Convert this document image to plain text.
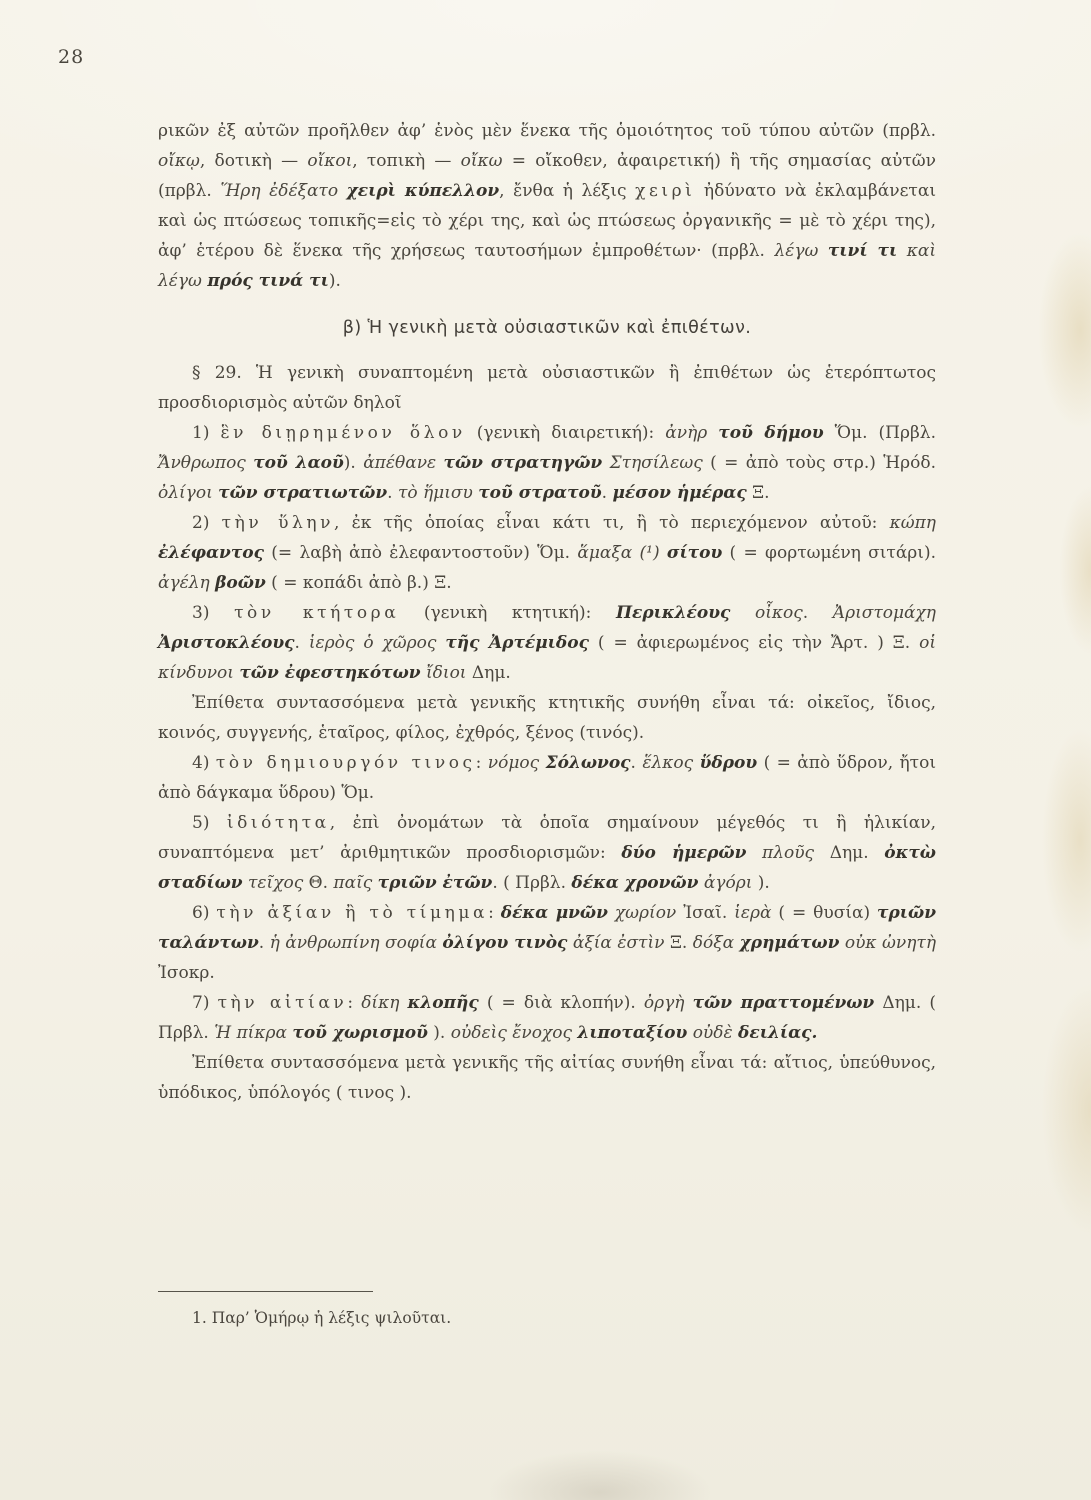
28

ρικῶν ἐξ αὐτῶν προῆλθεν ἀφ’ ἑνὸς μὲν ἕνεκα τῆς ὁμοιότητος τοῦ τύπου αὐτῶν (πρβλ. οἴκῳ, δοτικὴ — οἴκοι, τοπικὴ — οἴκω = οἴκοθεν, ἀφαιρετική) ἢ τῆς σημασίας αὐτῶν (πρβλ. Ἥρη ἐδέξατο χειρὶ κύπελλον, ἔνθα ἡ λέξις χειρὶ ἠδύνατο νὰ ἐκλαμβάνεται καὶ ὡς πτώσεως τοπικῆς=εἰς τὸ χέρι της, καὶ ὡς πτώσεως ὀργανικῆς = μὲ τὸ χέρι της), ἀφ’ ἑτέρου δὲ ἕνεκα τῆς χρήσεως ταυτοσήμων ἐμπροθέτων· (πρβλ. λέγω τινί τι καὶ λέγω πρός τινά τι).

β) Ἡ γενικὴ μετὰ οὐσιαστικῶν καὶ ἐπιθέτων.

§ 29. Ἡ γενικὴ συναπτομένη μετὰ οὐσιαστικῶν ἢ ἐπιθέτων ὡς ἑτερόπτωτος προσδιορισμὸς αὐτῶν δηλοῖ

1) ἓν διῃρημένον ὅλον (γενικὴ διαιρετική): ἀνὴρ τοῦ δήμου Ὅμ. (Πρβλ. Ἄνθρωπος τοῦ λαοῦ). ἀπέθανε τῶν στρατηγῶν Στησίλεως ( = ἀπὸ τοὺς στρ.) Ἡρόδ. ὀλίγοι τῶν στρατιωτῶν. τὸ ἥμισυ τοῦ στρατοῦ. μέσον ἡμέρας Ξ.

2) τὴν ὕλην, ἐκ τῆς ὁποίας εἶναι κάτι τι, ἢ τὸ περιεχόμενον αὐτοῦ: κώπη ἐλέφαντος (= λαβὴ ἀπὸ ἐλεφαντοστοῦν) Ὅμ. ἅμαξα (¹) σίτου ( = φορτωμένη σιτάρι). ἀγέλη βοῶν ( = κοπάδι ἀπὸ β.) Ξ.

3) τὸν κτήτορα (γενικὴ κτητική): Περικλέους οἶκος. Ἀριστομάχη Ἀριστοκλέους. ἱερὸς ὁ χῶρος τῆς Ἀρτέμιδος ( = ἀφιερωμένος εἰς τὴν Ἄρτ. ) Ξ. οἱ κίνδυνοι τῶν ἐφεστηκότων ἴδιοι Δημ.

Ἐπίθετα συντασσόμενα μετὰ γενικῆς κτητικῆς συνήθη εἶναι τά: οἰκεῖος, ἴδιος, κοινός, συγγενής, ἑταῖρος, φίλος, ἐχθρός, ξένος (τινός).

4) τὸν δημιουργόν τινος: νόμος Σόλωνος. ἕλκος ὕδρου ( = ἀπὸ ὕδρον, ἤτοι ἀπὸ δάγκαμα ὕδρου) Ὅμ.

5) ἰδιότητα, ἐπὶ ὀνομάτων τὰ ὁποῖα σημαίνουν μέγεθός τι ἢ ἡλικίαν, συναπτόμενα μετ’ ἀριθμητικῶν προσδιορισμῶν: δύο ἡμερῶν πλοῦς Δημ. ὀκτὼ σταδίων τεῖχος Θ. παῖς τριῶν ἐτῶν. ( Πρβλ. δέκα χρονῶν ἀγόρι ).

6) τὴν ἀξίαν ἢ τὸ τίμημα: δέκα μνῶν χωρίον Ἰσαῖ. ἱερὰ ( = θυσία) τριῶν ταλάντων. ἡ ἀνθρωπίνη σοφία ὀλίγου τινὸς ἀξία ἐστὶν Ξ. δόξα χρημάτων οὐκ ὠνητὴ Ἰσοκρ.

7) τὴν αἰτίαν: δίκη κλοπῆς ( = διὰ κλοπήν). ὀργὴ τῶν πραττομένων Δημ. ( Πρβλ. Ἡ πίκρα τοῦ χωρισμοῦ ). οὐδεὶς ἔνοχος λιποταξίου οὐδὲ δειλίας.

Ἐπίθετα συντασσόμενα μετὰ γενικῆς τῆς αἰτίας συνήθη εἶναι τά: αἴτιος, ὑπεύθυνος, ὑπόδικος, ὑπόλογός ( τινος ).

1. Παρ’ Ὁμήρῳ ἡ λέξις ψιλοῦται.
